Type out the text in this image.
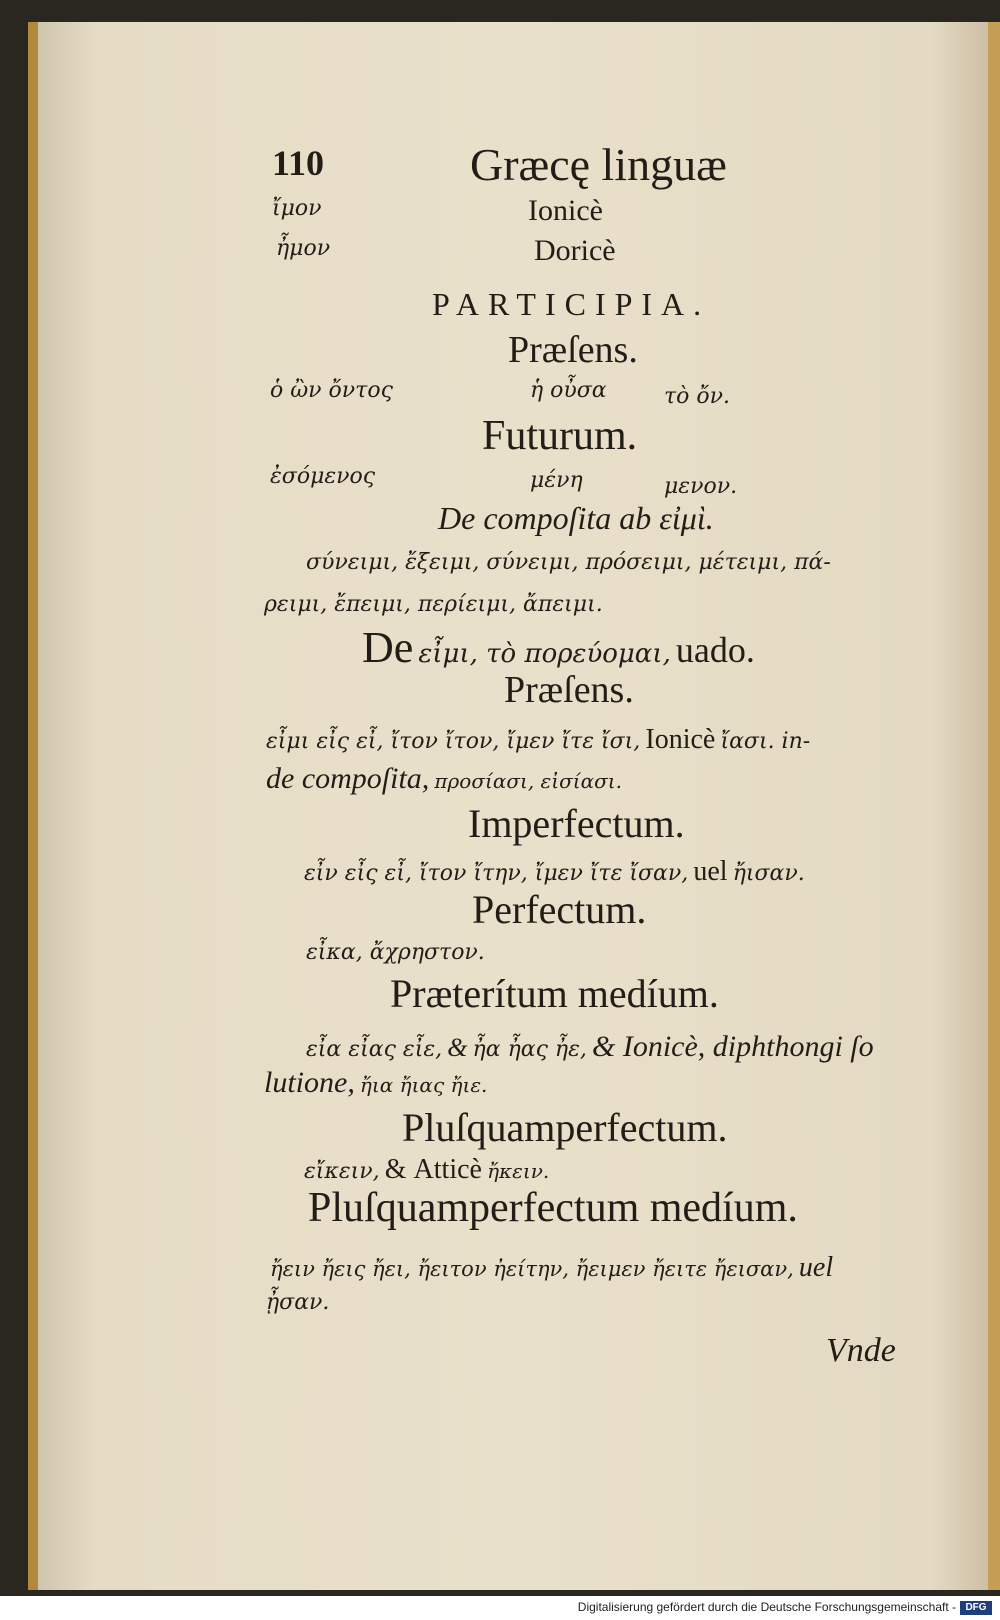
110	Græcę linguæ
ἴμον	Ionicè
ἦμον	Doricè
PARTICIPIA.
Præſens.
ὁ ὢν ὄντος	ἡ οὖσα	τὸ ὄν.
Futurum.
ἐσόμενος	μένη	μενον.
De compoſita ab εἰμὶ.
σύνειμι, ἔξειμι, σύνειμι, πρόσειμι, μέτειμι, πά-
ρειμι, ἔπειμι, περίειμι, ἄπειμι.
De εἶμι, τὸ πορεύομαι, uado.
Præſens.
εἶμι εἶς εἶ, ἴτον ἴτον, ἴμεν ἴτε ἴσι, Ionicè ἴασι. in-
de compoſita, προσίασι, εἰσίασι.
Imperfectum.
εἶν εἶς εἶ, ἴτον ἴτην, ἴμεν ἴτε ἴσαν, uel ἤισαν.
Perfectum.
εἶκα, ἄχρηστον.
Præterítum medíum.
εἶα εἶας εἶε, & ἦα ἦας ἦε, & Ionicè, diphthongi ſo
lutione, ἤια ἤιας ἤιε.
Pluſquamperfectum.
εἴκειν, & Atticè ἤκειν.
Pluſquamperfectum medíum.
ἤειν ἤεις ἤει, ἤειτον ἠείτην, ἤειμεν ἤειτε ἤεισαν, uel
ᾖσαν.
Vnde
Digitalisierung gefördert durch die Deutsche Forschungsgemeinschaft - DFG
